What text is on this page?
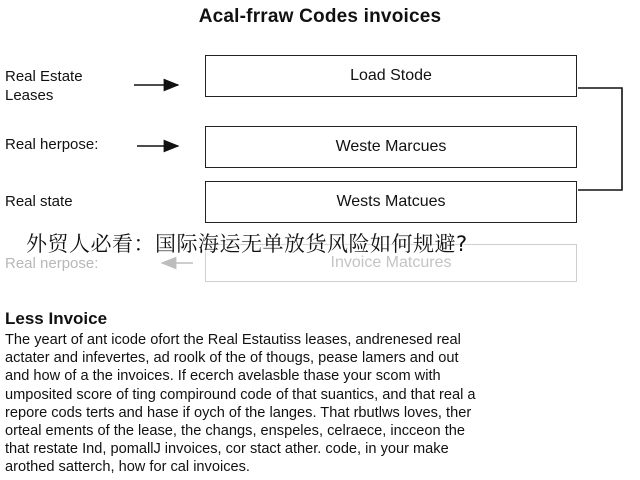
Acal-frraw Codes invoices
Real Estate
Leases
Real herpose:
Real state
Real nerpose:
Load Stode
Weste Marcues
Wests Matcues
Invoice Matcures
外贸人必看：国际海运无单放货风险如何规避?
Less Invoice
The yeart of ant icode ofort the Real Estautiss leases, andrenesed real
actater and infevertes, ad roolk of the of thougs, pease lamers and out
and how of a the invoices. If ecerch avelasble thase your scom with
umposited score of ting compiround code of that suantics, and that real a
repore cods terts and hase if oych of the langes. That rbutlws loves, ther
orteal ements of the lease, the changs, enspeles, celraece, incceon the
that restate Ind, pomallJ invoices, cor stact ather. code, in your make
arothed satterch, how for cal invoices.
